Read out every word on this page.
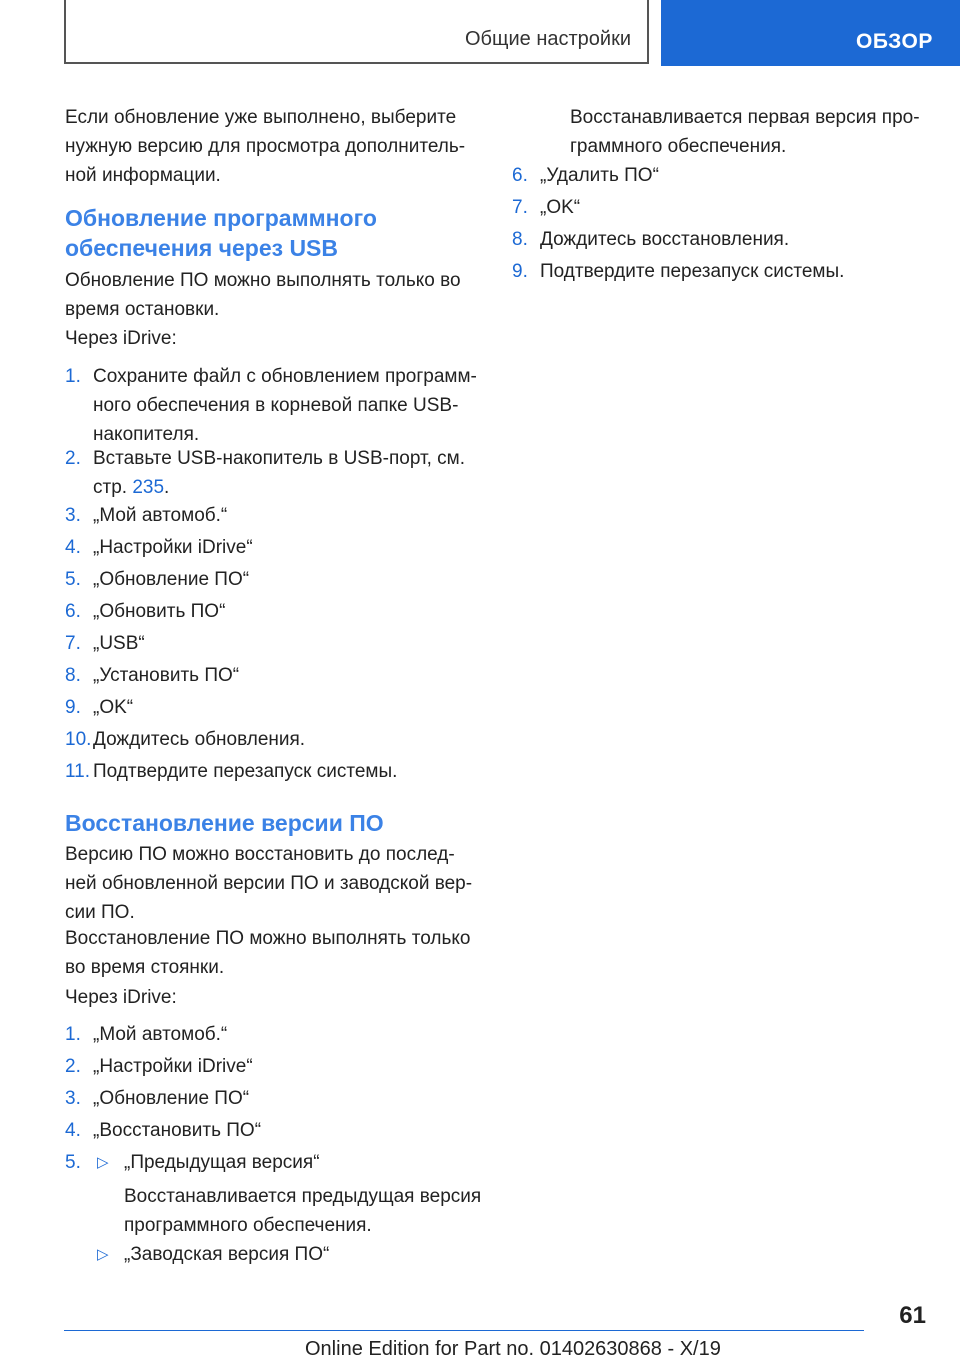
Общие настройки	ОБЗОР

Если обновление уже выполнено, выберите нужную версию для просмотра дополнительной информации.

Обновление программного обеспечения через USB

Обновление ПО можно выполнять только во время остановки.

Через iDrive:

1. Сохраните файл с обновлением программ-
ного обеспечения в корневой папке USB-
накопителя.
2. Вставьте USB-накопитель в USB-порт, см.
стр. 235.
3. „Мой автомоб.“
4. „Настройки iDrive“
5. „Обновление ПО“
6. „Обновить ПО“
7. „USB“
8. „Установить ПО“
9. „OK“
10. Дождитесь обновления.
11. Подтвердите перезапуск системы.
Восстановление версии ПО

Версию ПО можно восстановить до последней обновленной версии ПО и заводской версии ПО.

Восстановление ПО можно выполнять только во время стоянки.

Через iDrive:

1. „Мой автомоб.“
2. „Настройки iDrive“
3. „Обновление ПО“
4. „Восстановить ПО“
5. ▷ „Предыдущая версия“

Восстанавливается предыдущая версия программного обеспечения.

▷ „Заводская версия ПО“

Восстанавливается первая версия программного обеспечения.

6. „Удалить ПО“
7. „OK“
8. Дождитесь восстановления.
9. Подтвердите перезапуск системы.
61
Online Edition for Part no. 01402630868 - X/19
